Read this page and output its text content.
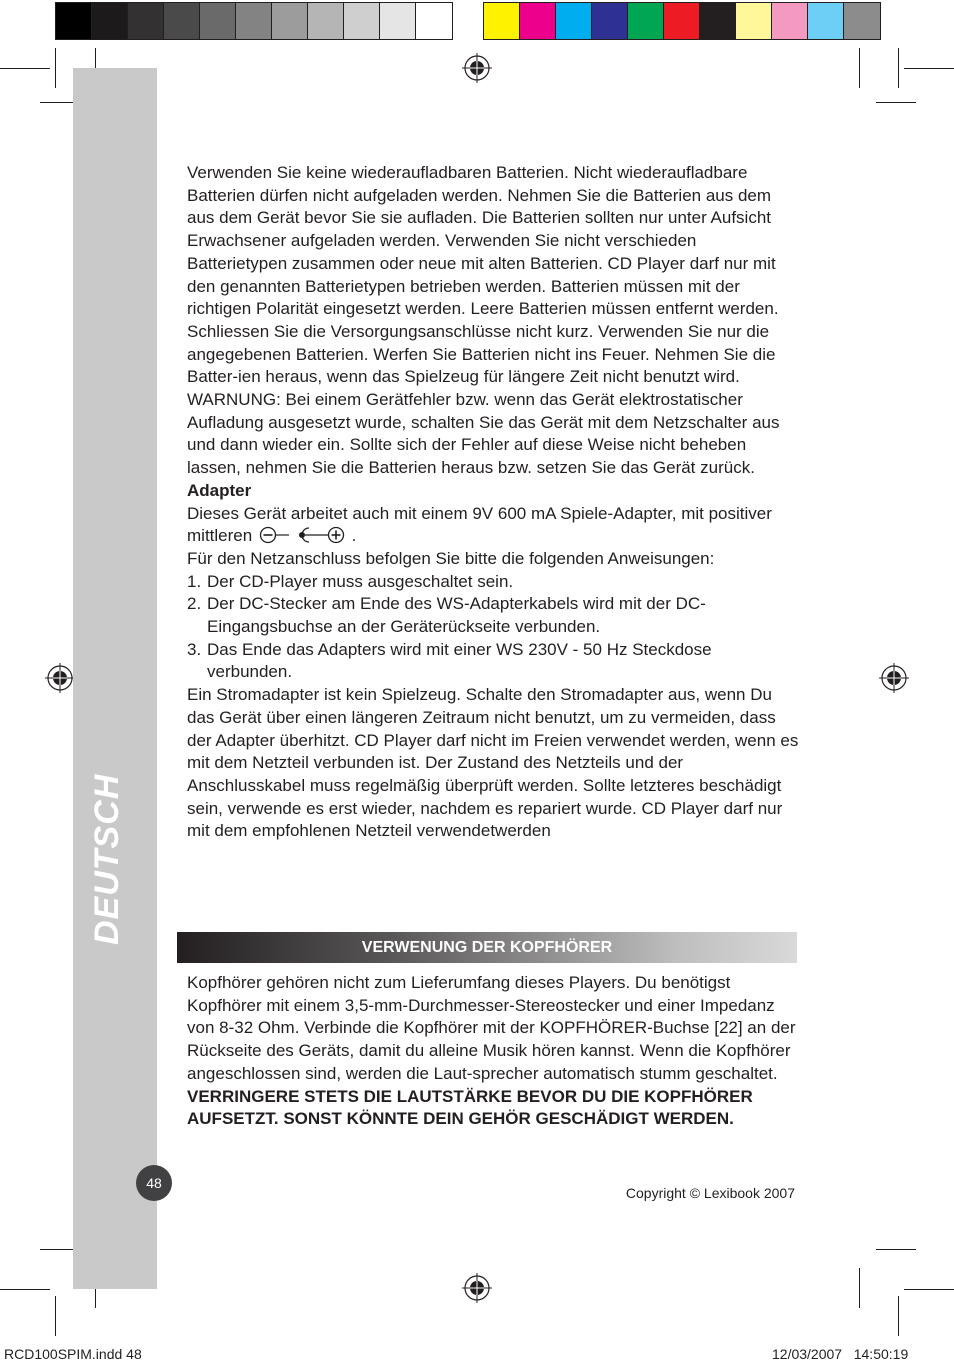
DEUTSCH
48

Verwenden Sie keine wiederaufladbaren Batterien. Nicht wiederaufladbare Batterien dürfen nicht aufgeladen werden. Nehmen Sie die Batterien aus dem aus dem Gerät bevor Sie sie aufladen. Die Batterien sollten nur unter Aufsicht Erwachsener aufgeladen werden. Verwenden Sie nicht verschieden Batterietypen zusammen oder neue mit alten Batterien. CD Player darf nur mit den genannten Batterietypen betrieben werden. Batterien müssen mit der richtigen Polarität eingesetzt werden. Leere Batterien müssen entfernt werden. Schliessen Sie die Versorgungsanschlüsse nicht kurz. Verwenden Sie nur die angegebenen Batterien. Werfen Sie Batterien nicht ins Feuer. Nehmen Sie die Batter-ien heraus, wenn das Spielzeug für längere Zeit nicht benutzt wird.

WARNUNG: Bei einem Gerätfehler bzw. wenn das Gerät elektrostatischer Aufladung ausgesetzt wurde, schalten Sie das Gerät mit dem Netzschalter aus und dann wieder ein. Sollte sich der Fehler auf diese Weise nicht beheben lassen, nehmen Sie die Batterien heraus bzw. setzen Sie das Gerät zurück.

Adapter

Dieses Gerät arbeitet auch mit einem 9V 600 mA Spiele-Adapter, mit positiver mittleren	.

Für den Netzanschluss befolgen Sie bitte die folgenden Anweisungen:

1. Der CD-Player muss ausgeschaltet sein.
2. Der DC-Stecker am Ende des WS-Adapterkabels wird mit der DC-Eingangsbuchse an der Geräterückseite verbunden.
3. Das Ende das Adapters wird mit einer WS 230V - 50 Hz Steckdose verbunden.

Ein Stromadapter ist kein Spielzeug. Schalte den Stromadapter aus, wenn Du das Gerät über einen längeren Zeitraum nicht benutzt, um zu vermeiden, dass der Adapter überhitzt. CD Player darf nicht im Freien verwendet werden, wenn es mit dem Netzteil verbunden ist. Der Zustand des Netzteils und der Anschlusskabel muss regelmäßig überprüft werden. Sollte letzteres beschädigt sein, verwende es erst wieder, nachdem es repariert wurde. CD Player darf nur mit dem empfohlenen Netzteil verwendetwerden

VERWENUNG DER KOPFHÖRER

Kopfhörer gehören nicht zum Lieferumfang dieses Players. Du benötigst Kopfhörer mit einem 3,5-mm-Durchmesser-Stereostecker und einer Impedanz von 8-32 Ohm. Verbinde die Kopfhörer mit der KOPFHÖRER-Buchse [22] an der Rückseite des Geräts, damit du alleine Musik hören kannst. Wenn die Kopfhörer angeschlossen sind, werden die Laut-sprecher automatisch stumm geschaltet.

VERRINGERE STETS DIE LAUTSTÄRKE BEVOR DU DIE KOPFHÖRER AUFSETZT. SONST KÖNNTE DEIN GEHÖR GESCHÄDIGT WERDEN.

Copyright © Lexibook 2007
RCD100SPIM.indd 48	12/03/2007   14:50:19
